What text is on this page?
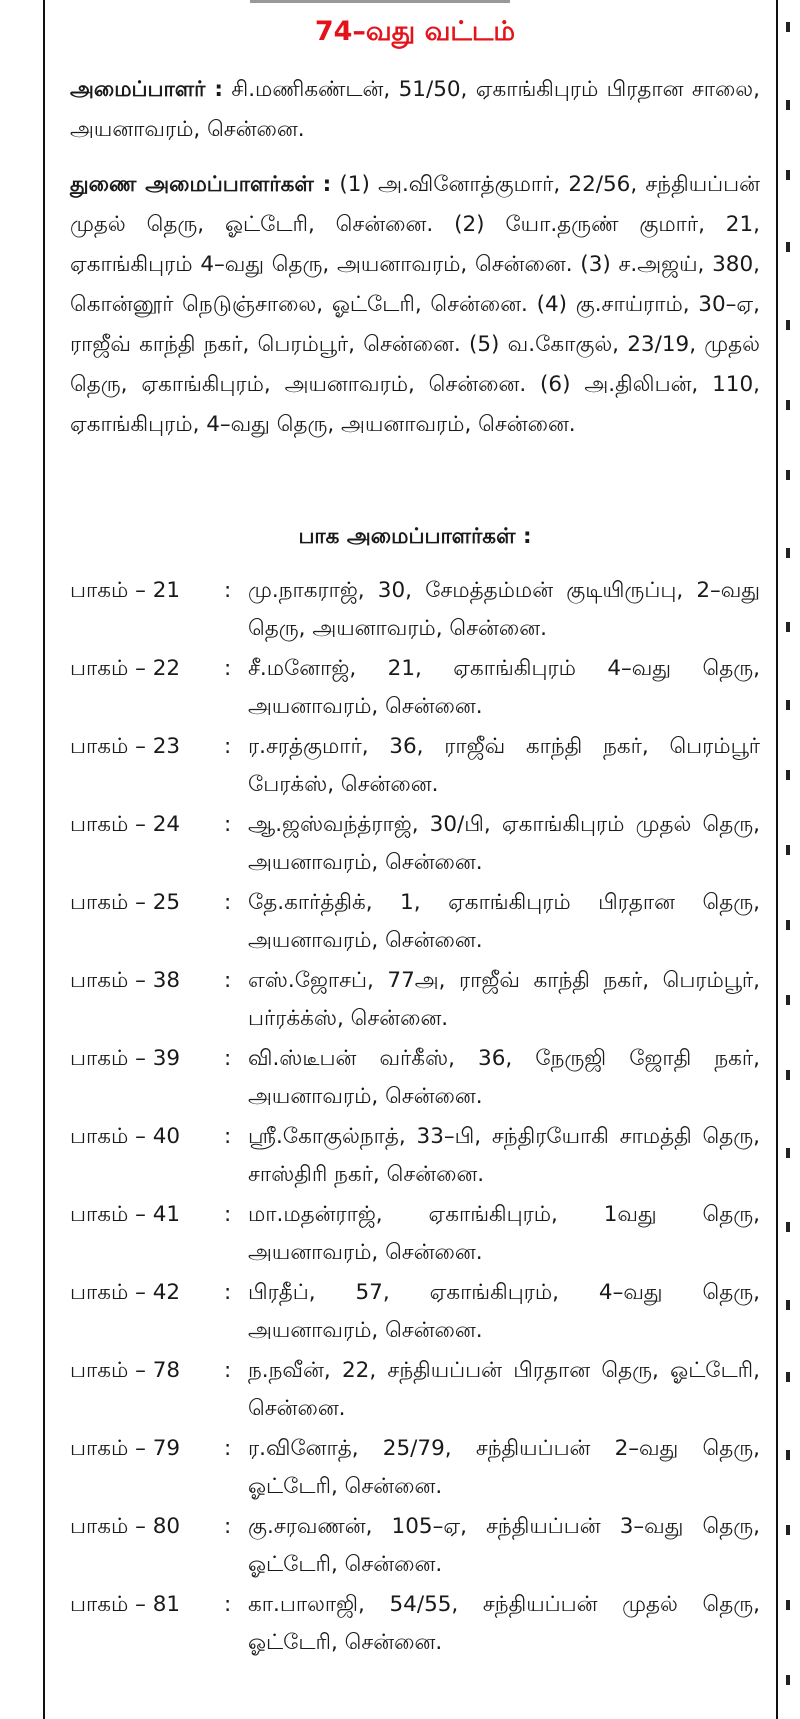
74–வது வட்டம்
அமைப்பாளர் : சி.மணிகண்டன், 51/50, ஏகாங்கிபுரம் பிரதான சாலை, அயனாவரம், சென்னை.
துணை அமைப்பாளர்கள் : (1) அ.வினோத்குமார், 22/56, சந்தியப்பன் முதல் தெரு, ஓட்டேரி, சென்னை. (2) யோ.தருண் குமார், 21, ஏகாங்கிபுரம் 4–வது தெரு, அயனாவரம், சென்னை. (3) ச.அஜய், 380, கொன்னூர் நெடுஞ்சாலை, ஓட்டேரி, சென்னை. (4) கு.சாய்ராம், 30–ஏ, ராஜீவ் காந்தி நகர், பெரம்பூர், சென்னை. (5) வ.கோகுல், 23/19, முதல் தெரு, ஏகாங்கிபுரம், அயனாவரம், சென்னை. (6) அ.திலிபன், 110, ஏகாங்கிபுரம், 4–வது தெரு, அயனாவரம், சென்னை.
பாக அமைப்பாளர்கள் :
பாகம் – 21	: மு.நாகராஜ், 30, சேமத்தம்மன் குடியிருப்பு, 2–வது தெரு, அயனாவரம், சென்னை.
பாகம் – 22	: சீ.மனோஜ், 21, ஏகாங்கிபுரம் 4–வது தெரு, அயனாவரம், சென்னை.
பாகம் – 23	: ர.சரத்குமார், 36, ராஜீவ் காந்தி நகர், பெரம்பூர் பேரக்ஸ், சென்னை.
பாகம் – 24	: ஆ.ஜஸ்வந்த்ராஜ், 30/பி, ஏகாங்கிபுரம் முதல் தெரு, அயனாவரம், சென்னை.
பாகம் – 25	: தே.கார்த்திக், 1, ஏகாங்கிபுரம் பிரதான தெரு, அயனாவரம், சென்னை.
பாகம் – 38	: எஸ்.ஜோசப், 77அ, ராஜீவ் காந்தி நகர், பெரம்பூர், பர்ரக்க்ஸ், சென்னை.
பாகம் – 39	: வி.ஸ்டீபன் வர்கீஸ், 36, நேருஜி ஜோதி நகர், அயனாவரம், சென்னை.
பாகம் – 40	: ஸ்ரீ.கோகுல்நாத், 33–பி, சந்திரயோகி சாமத்தி தெரு, சாஸ்திரி நகர், சென்னை.
பாகம் – 41	: மா.மதன்ராஜ், ஏகாங்கிபுரம், 1வது தெரு, அயனாவரம், சென்னை.
பாகம் – 42	: பிரதீப், 57, ஏகாங்கிபுரம், 4–வது தெரு, அயனாவரம், சென்னை.
பாகம் – 78	: ந.நவீன், 22, சந்தியப்பன் பிரதான தெரு, ஓட்டேரி, சென்னை.
பாகம் – 79	: ர.வினோத், 25/79, சந்தியப்பன் 2–வது தெரு, ஓட்டேரி, சென்னை.
பாகம் – 80	: கு.சரவணன், 105–ஏ, சந்தியப்பன் 3–வது தெரு, ஓட்டேரி, சென்னை.
பாகம் – 81	: கா.பாலாஜி, 54/55, சந்தியப்பன் முதல் தெரு, ஓட்டேரி, சென்னை.
